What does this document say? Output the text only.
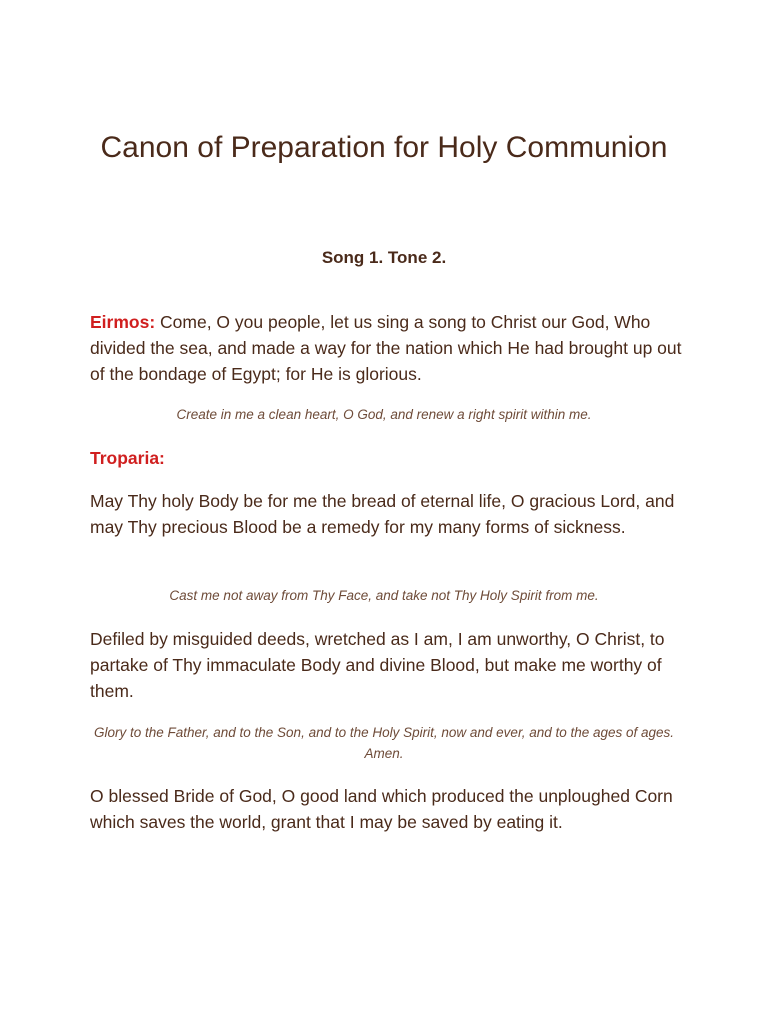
Canon of Preparation for Holy Communion

Song 1. Tone 2.

Eirmos: Come, O you people, let us sing a song to Christ our God, Who divided the sea, and made a way for the nation which He had brought up out of the bondage of Egypt; for He is glorious.

Create in me a clean heart, O God, and renew a right spirit within me.

Troparia:

May Thy holy Body be for me the bread of eternal life, O gracious Lord, and may Thy precious Blood be a remedy for my many forms of sickness.

Cast me not away from Thy Face, and take not Thy Holy Spirit from me.

Defiled by misguided deeds, wretched as I am, I am unworthy, O Christ, to partake of Thy immaculate Body and divine Blood, but make me worthy of them.

Glory to the Father, and to the Son, and to the Holy Spirit, now and ever, and to the ages of ages. Amen.

O blessed Bride of God, O good land which produced the unploughed Corn which saves the world, grant that I may be saved by eating it.
